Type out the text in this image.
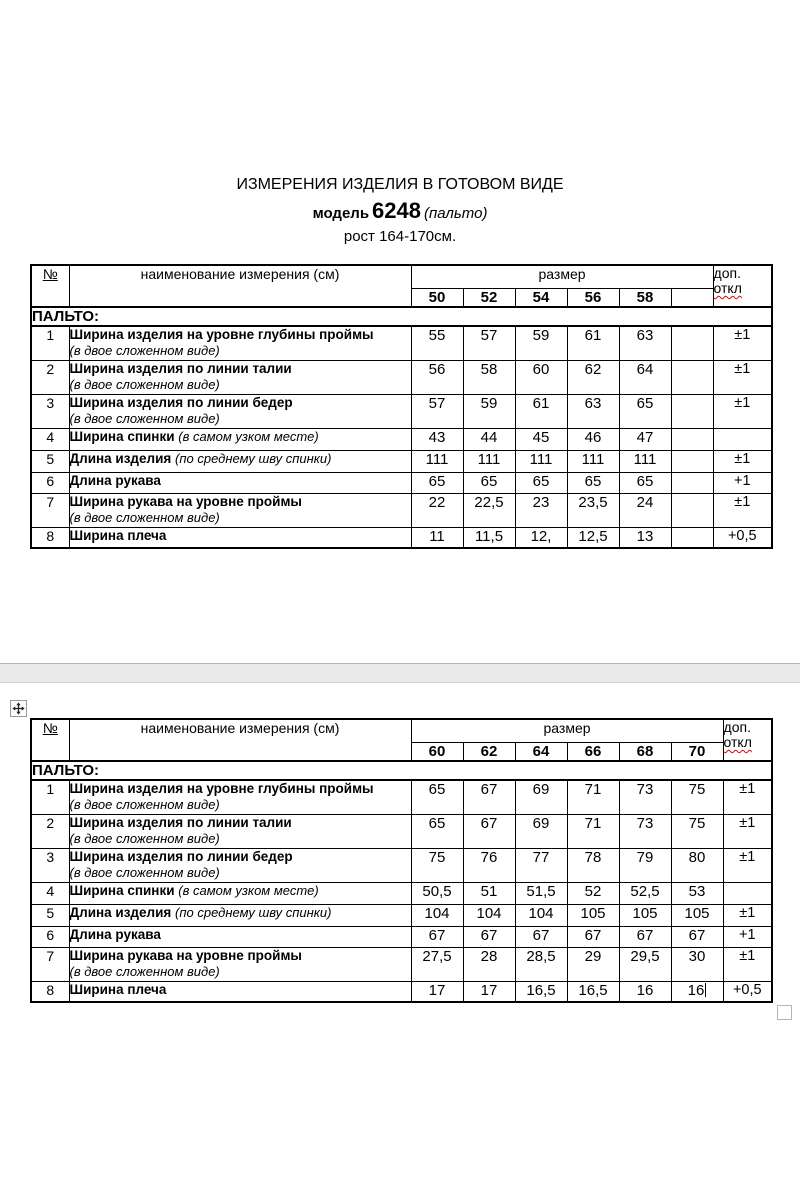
ИЗМЕРЕНИЯ ИЗДЕЛИЯ В ГОТОВОМ ВИДЕ
модель 6248 (пальто)
рост 164-170см.
№	наименование измерения (см)	размер						доп.
откл
		50	52	54	56	58		
ПАЛЬТО:								
1	Ширина изделия на уровне глубины проймы
(в двое сложенном виде)	55	57	59	61	63		±1
2	Ширина изделия по линии талии
(в двое сложенном виде)	56	58	60	62	64		±1
3	Ширина изделия по линии бедер
(в двое сложенном виде)	57	59	61	63	65		±1
4	Ширина спинки (в самом узком месте)	43	44	45	46	47		
5	Длина изделия (по среднему шву спинки)	111	111	111	111	111		±1
6	Длина рукава	65	65	65	65	65		+1
7	Ширина рукава на уровне проймы
(в двое сложенном виде)	22	22,5	23	23,5	24		±1
8	Ширина плеча	11	11,5	12,	12,5	13		+0,5
№	наименование измерения (см)	размер						доп.
откл
		60	62	64	66	68	70	
ПАЛЬТО:								
1	Ширина изделия на уровне глубины проймы
(в двое сложенном виде)	65	67	69	71	73	75	±1
2	Ширина изделия по линии талии
(в двое сложенном виде)	65	67	69	71	73	75	±1
3	Ширина изделия по линии бедер
(в двое сложенном виде)	75	76	77	78	79	80	±1
4	Ширина спинки (в самом узком месте)	50,5	51	51,5	52	52,5	53	
5	Длина изделия (по среднему шву спинки)	104	104	104	105	105	105	±1
6	Длина рукава	67	67	67	67	67	67	+1
7	Ширина рукава на уровне проймы
(в двое сложенном виде)	27,5	28	28,5	29	29,5	30	±1
8	Ширина плеча	17	17	16,5	16,5	16	16	+0,5
